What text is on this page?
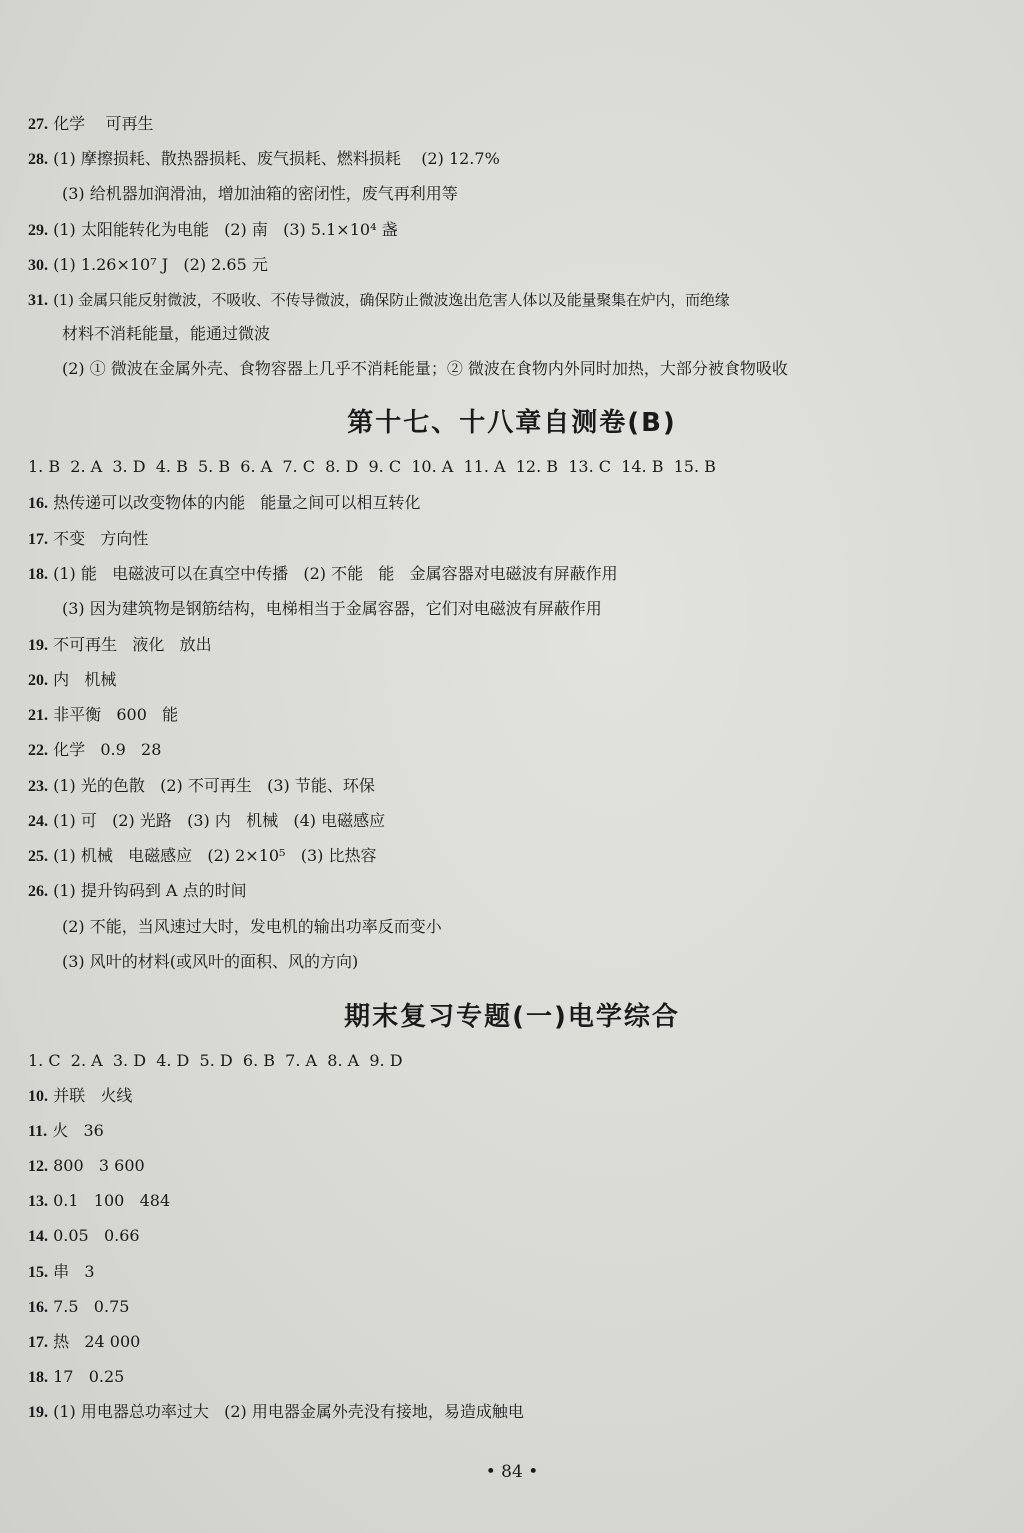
27. 化学    可再生
28. (1) 摩擦损耗、散热器损耗、废气损耗、燃料损耗    (2) 12.7%
(3) 给机器加润滑油，增加油箱的密闭性，废气再利用等
29. (1) 太阳能转化为电能   (2) 南   (3) 5.1×10⁴ 盏
30. (1) 1.26×10⁷ J   (2) 2.65 元
31. (1) 金属只能反射微波，不吸收、不传导微波，确保防止微波逸出危害人体以及能量聚集在炉内，而绝缘
材料不消耗能量，能通过微波
(2) ① 微波在金属外壳、食物容器上几乎不消耗能量；② 微波在食物内外同时加热，大部分被食物吸收
第十七、十八章自测卷(B)
1. B  2. A  3. D  4. B  5. B  6. A  7. C  8. D  9. C  10. A  11. A  12. B  13. C  14. B  15. B
16. 热传递可以改变物体的内能   能量之间可以相互转化
17. 不变   方向性
18. (1) 能   电磁波可以在真空中传播   (2) 不能   能   金属容器对电磁波有屏蔽作用
(3) 因为建筑物是钢筋结构，电梯相当于金属容器，它们对电磁波有屏蔽作用
19. 不可再生   液化   放出
20. 内   机械
21. 非平衡   600   能
22. 化学   0.9   28
23. (1) 光的色散   (2) 不可再生   (3) 节能、环保
24. (1) 可   (2) 光路   (3) 内   机械   (4) 电磁感应
25. (1) 机械   电磁感应   (2) 2×10⁵   (3) 比热容
26. (1) 提升钩码到 A 点的时间
(2) 不能，当风速过大时，发电机的输出功率反而变小
(3) 风叶的材料(或风叶的面积、风的方向)
期末复习专题(一)电学综合
1. C  2. A  3. D  4. D  5. D  6. B  7. A  8. A  9. D
10. 并联   火线
11. 火   36
12. 800   3 600
13. 0.1   100   484
14. 0.05   0.66
15. 串   3
16. 7.5   0.75
17. 热   24 000
18. 17   0.25
19. (1) 用电器总功率过大   (2) 用电器金属外壳没有接地，易造成触电
• 84 •
